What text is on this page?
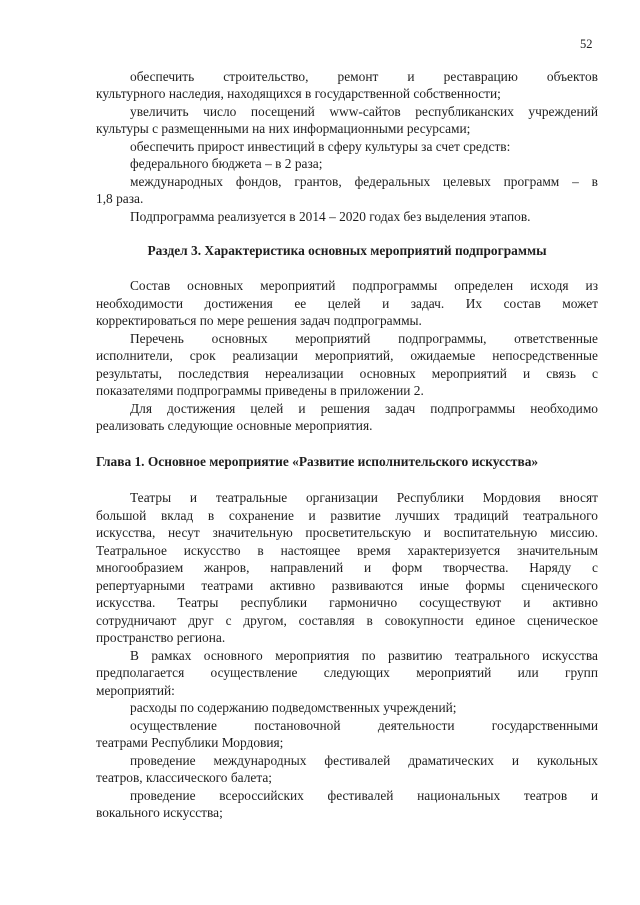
52
обеспечить строительство, ремонт и реставрацию объектов
культурного наследия, находящихся в государственной собственности;
увеличить число посещений www-сайтов республиканских учреждений
культуры с размещенными на них информационными ресурсами;
обеспечить прирост инвестиций в сферу культуры за счет средств:
федерального бюджета – в 2 раза;
международных фондов, грантов, федеральных целевых программ – в
1,8 раза.
Подпрограмма реализуется в 2014 – 2020 годах без выделения этапов.
Раздел 3. Характеристика основных мероприятий подпрограммы
Состав основных мероприятий подпрограммы определен исходя из
необходимости достижения ее целей и задач. Их состав может
корректироваться по мере решения задач подпрограммы.
Перечень основных мероприятий подпрограммы, ответственные
исполнители, срок реализации мероприятий, ожидаемые непосредственные
результаты, последствия нереализации основных мероприятий и связь с
показателями подпрограммы приведены в приложении 2.
Для достижения целей и решения задач подпрограммы необходимо
реализовать следующие основные мероприятия.
Глава 1. Основное мероприятие «Развитие исполнительского искусства»
Театры и театральные организации Республики Мордовия вносят
большой вклад в сохранение и развитие лучших традиций театрального
искусства, несут значительную просветительскую и воспитательную миссию.
Театральное искусство в настоящее время характеризуется значительным
многообразием жанров, направлений и форм творчества. Наряду с
репертуарными театрами активно развиваются иные формы сценического
искусства. Театры республики гармонично сосуществуют и активно
сотрудничают друг с другом, составляя в совокупности единое сценическое
пространство региона.
В рамках основного мероприятия по развитию театрального искусства
предполагается осуществление следующих мероприятий или групп
мероприятий:
расходы по содержанию подведомственных учреждений;
осуществление постановочной деятельности государственными
театрами Республики Мордовия;
проведение международных фестивалей драматических и кукольных
театров, классического балета;
проведение всероссийских фестивалей национальных театров и
вокального искусства;
